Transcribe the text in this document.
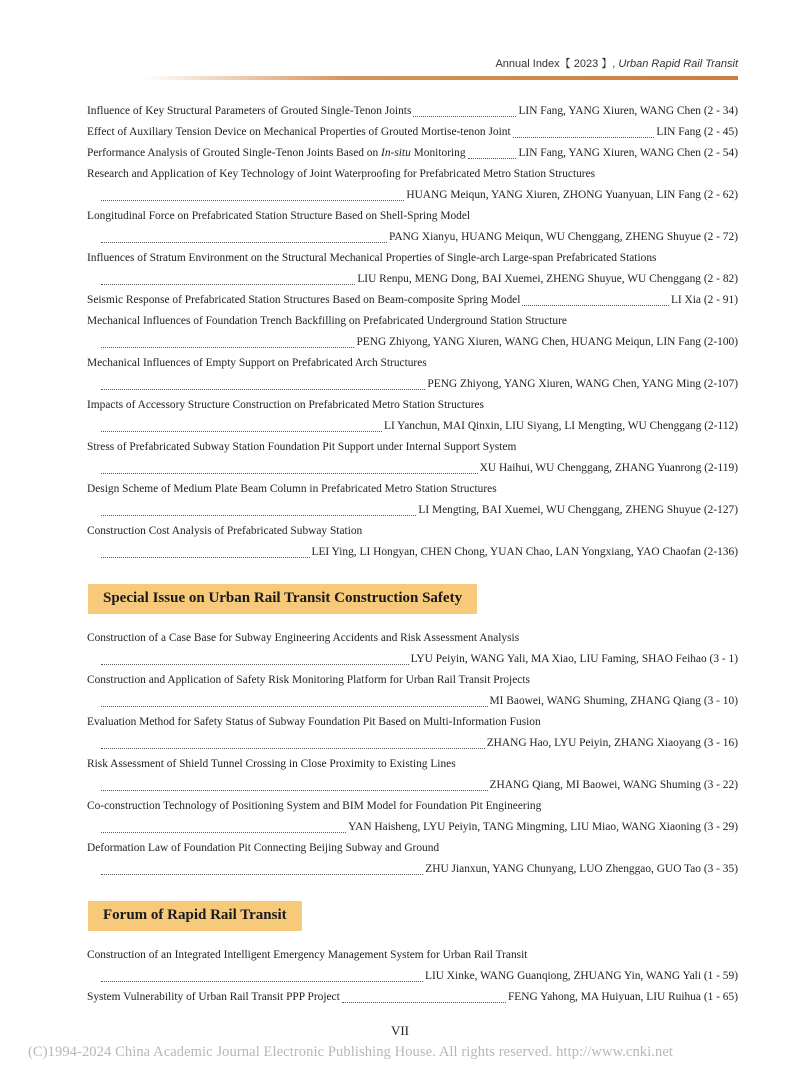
Annual Index【 2023 】, Urban Rapid Rail Transit
Influence of Key Structural Parameters of Grouted Single-Tenon Joints	LIN Fang, YANG Xiuren, WANG Chen (2 - 34)
Effect of Auxiliary Tension Device on Mechanical Properties of Grouted Mortise-tenon Joint	LIN Fang (2 - 45)
Performance Analysis of Grouted Single-Tenon Joints Based on In-situ Monitoring	LIN Fang, YANG Xiuren, WANG Chen (2 - 54)
Research and Application of Key Technology of Joint Waterproofing for Prefabricated Metro Station Structures
HUANG Meiqun, YANG Xiuren, ZHONG Yuanyuan, LIN Fang (2 - 62)
Longitudinal Force on Prefabricated Station Structure Based on Shell-Spring Model
PANG Xianyu, HUANG Meiqun, WU Chenggang, ZHENG Shuyue (2 - 72)
Influences of Stratum Environment on the Structural Mechanical Properties of Single-arch Large-span Prefabricated Stations
LIU Renpu, MENG Dong, BAI Xuemei, ZHENG Shuyue, WU Chenggang (2 - 82)
Seismic Response of Prefabricated Station Structures Based on Beam-composite Spring Model	LI Xia (2 - 91)
Mechanical Influences of Foundation Trench Backfilling on Prefabricated Underground Station Structure
PENG Zhiyong, YANG Xiuren, WANG Chen, HUANG Meiqun, LIN Fang (2-100)
Mechanical Influences of Empty Support on Prefabricated Arch Structures
PENG Zhiyong, YANG Xiuren, WANG Chen, YANG Ming (2-107)
Impacts of Accessory Structure Construction on Prefabricated Metro Station Structures
LI Yanchun, MAI Qinxin, LIU Siyang, LI Mengting, WU Chenggang (2-112)
Stress of Prefabricated Subway Station Foundation Pit Support under Internal Support System
XU Haihui, WU Chenggang, ZHANG Yuanrong (2-119)
Design Scheme of Medium Plate Beam Column in Prefabricated Metro Station Structures
LI Mengting, BAI Xuemei, WU Chenggang, ZHENG Shuyue (2-127)
Construction Cost Analysis of Prefabricated Subway Station
LEI Ying, LI Hongyan, CHEN Chong, YUAN Chao, LAN Yongxiang, YAO Chaofan (2-136)
Special Issue on Urban Rail Transit Construction Safety
Construction of a Case Base for Subway Engineering Accidents and Risk Assessment Analysis
LYU Peiyin, WANG Yali, MA Xiao, LIU Faming, SHAO Feihao (3 - 1)
Construction and Application of Safety Risk Monitoring Platform for Urban Rail Transit Projects
MI Baowei, WANG Shuming, ZHANG Qiang (3 - 10)
Evaluation Method for Safety Status of Subway Foundation Pit Based on Multi-Information Fusion
ZHANG Hao, LYU Peiyin, ZHANG Xiaoyang (3 - 16)
Risk Assessment of Shield Tunnel Crossing in Close Proximity to Existing Lines
ZHANG Qiang, MI Baowei, WANG Shuming (3 - 22)
Co-construction Technology of Positioning System and BIM Model for Foundation Pit Engineering
YAN Haisheng, LYU Peiyin, TANG Mingming, LIU Miao, WANG Xiaoning (3 - 29)
Deformation Law of Foundation Pit Connecting Beijing Subway and Ground
ZHU Jianxun, YANG Chunyang, LUO Zhenggao, GUO Tao (3 - 35)
Forum of Rapid Rail Transit
Construction of an Integrated Intelligent Emergency Management System for Urban Rail Transit
LIU Xinke, WANG Guanqiong, ZHUANG Yin, WANG Yali (1 - 59)
System Vulnerability of Urban Rail Transit PPP Project	FENG Yahong, MA Huiyuan, LIU Ruihua (1 - 65)
VII
(C)1994-2024 China Academic Journal Electronic Publishing House. All rights reserved. http://www.cnki.net
